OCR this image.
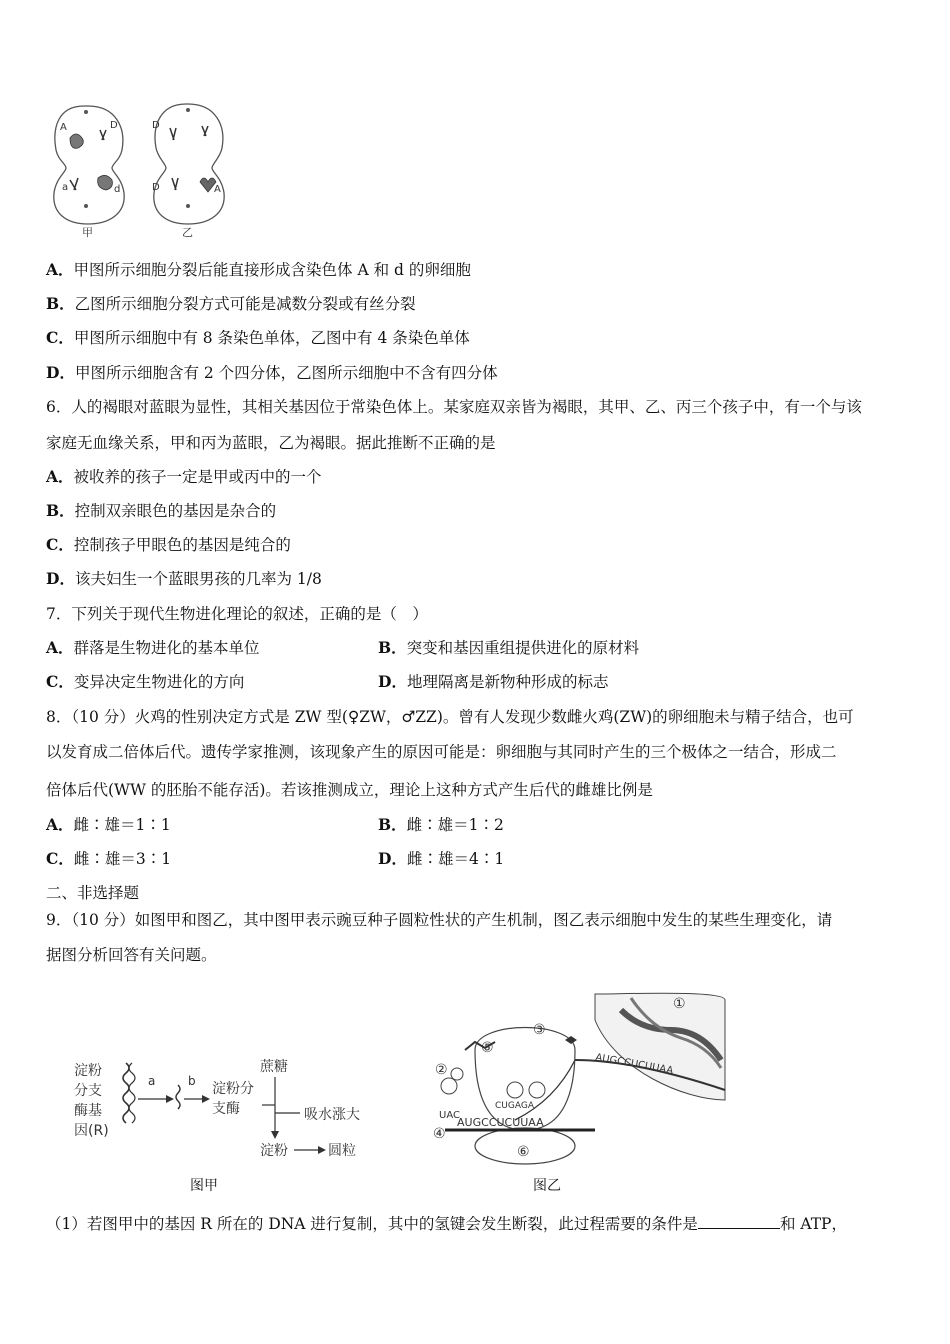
A	D
a	d
甲
D
D	A
乙
A．甲图所示细胞分裂后能直接形成含染色体 A 和 d 的卵细胞
B．乙图所示细胞分裂方式可能是减数分裂或有丝分裂
C．甲图所示细胞中有 8 条染色单体，乙图中有 4 条染色单体
D．甲图所示细胞含有 2 个四分体，乙图所示细胞中不含有四分体
6．人的褐眼对蓝眼为显性，其相关基因位于常染色体上。某家庭双亲皆为褐眼，其甲、乙、丙三个孩子中，有一个与该
家庭无血缘关系，甲和丙为蓝眼，乙为褐眼。据此推断不正确的是
A．被收养的孩子一定是甲或丙中的一个
B．控制双亲眼色的基因是杂合的
C．控制孩子甲眼色的基因是纯合的
D．该夫妇生一个蓝眼男孩的几率为 1/8
7．下列关于现代生物进化理论的叙述，正确的是（　）
A．群落是生物进化的基本单位	B．突变和基因重组提供进化的原材料
C．变异决定生物进化的方向	D．地理隔离是新物种形成的标志
8．（10 分）火鸡的性别决定方式是 ZW 型(♀ZW，♂ZZ)。曾有人发现少数雌火鸡(ZW)的卵细胞未与精子结合，也可
以发育成二倍体后代。遗传学家推测，该现象产生的原因可能是：卵细胞与其同时产生的三个极体之一结合，形成二
倍体后代(WW 的胚胎不能存活)。若该推测成立，理论上这种方式产生后代的雌雄比例是
A．雌∶雄＝1∶1	B．雌∶雄＝1∶2
C．雌∶雄＝3∶1	D．雌∶雄＝4∶1
二、非选择题
9．（10 分）如图甲和图乙，其中图甲表示豌豆种子圆粒性状的产生机制，图乙表示细胞中发生的某些生理变化，请
据图分析回答有关问题。
淀粉
分支
酶基
因(R)
a	b 淀粉分
支酶
蔗糖
吸水涨大
淀粉	圆粒
图甲
①
AUGCCUCUUAA
AUGCCUCUUAA
UAC
CUGAGA
②
③
④
⑤
⑥
图乙
（1）若图甲中的基因 R 所在的 DNA 进行复制，其中的氢键会发生断裂，此过程需要的条件是	和 ATP，
